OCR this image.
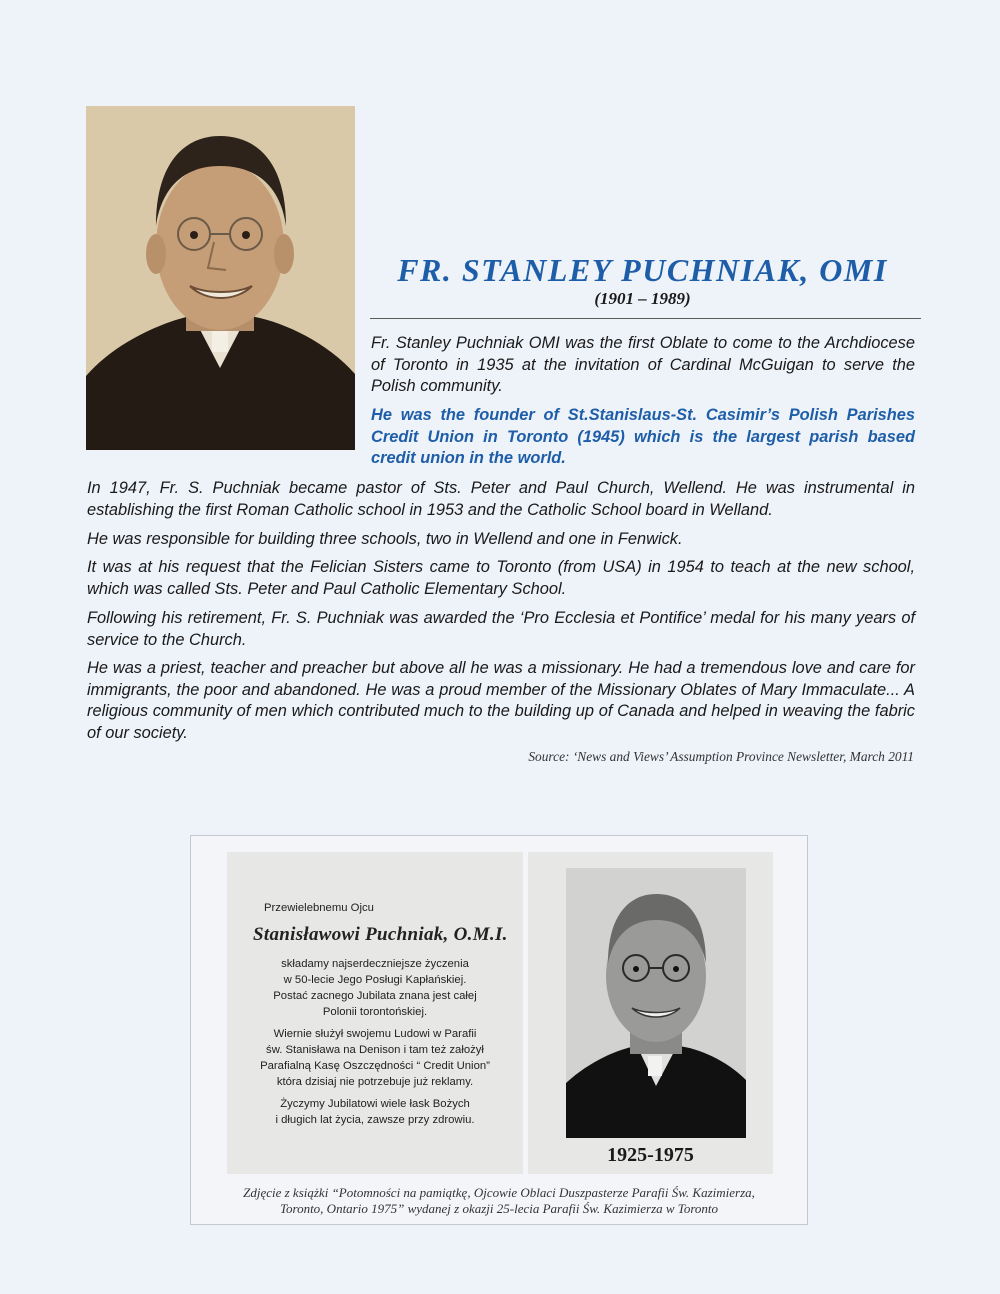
FR. STANLEY PUCHNIAK, OMI
(1901 – 1989)

Fr. Stanley Puchniak OMI was the first Oblate to come to the Archdiocese of Toronto in 1935 at the invitation of Cardinal McGuigan to serve the Polish community.

He was the founder of St.Stanislaus-St. Casimir’s Polish Parishes Credit Union in Toronto (1945) which is the largest parish based credit union in the world.

In 1947, Fr. S. Puchniak became pastor of Sts. Peter and Paul Church, Wellend. He was instrumental in establishing the first Roman Catholic school in 1953 and the Catholic School board in Welland.

He was responsible for building three schools, two in Wellend and one in Fenwick.

It was at his request that the Felician Sisters came to Toronto (from USA) in 1954 to teach at the new school, which was called Sts. Peter and Paul Catholic Elementary School.

Following his retirement, Fr. S. Puchniak was awarded the ‘Pro Ecclesia et Pontifice’ medal for his many years of service to the Church.

He was a priest, teacher and preacher but above all he was a missionary. He had a tremendous love and care for immigrants, the poor and abandoned. He was a proud member of the Missionary Oblates of Mary Immaculate... A religious community of men which contributed much to the building up of Canada and helped in weaving the fabric of our society.

Source: ‘News and Views’ Assumption Province Newsletter, March 2011
Przewielebnemu Ojcu
Stanisławowi Puchniak, O.M.I.
składamy najserdeczniejsze życzenia
w 50-lecie Jego Posługi Kapłańskiej.
Postać zacnego Jubilata znana jest całej
Polonii torontońskiej.
Wiernie służył swojemu Ludowi w Parafii
św. Stanisława na Denison i tam też założył
Parafialną Kasę Oszczędności “ Credit Union”
która dzisiaj nie potrzebuje już reklamy.
Życzymy Jubilatowi wiele łask Bożych
i długich lat życia, zawsze przy zdrowiu.
1925-1975
Zdjęcie z książki “Potomności na pamiątkę, Ojcowie Oblaci Duszpasterze Parafii Św. Kazimierza,
Toronto, Ontario 1975” wydanej z okazji 25-lecia Parafii Św. Kazimierza w Toronto
